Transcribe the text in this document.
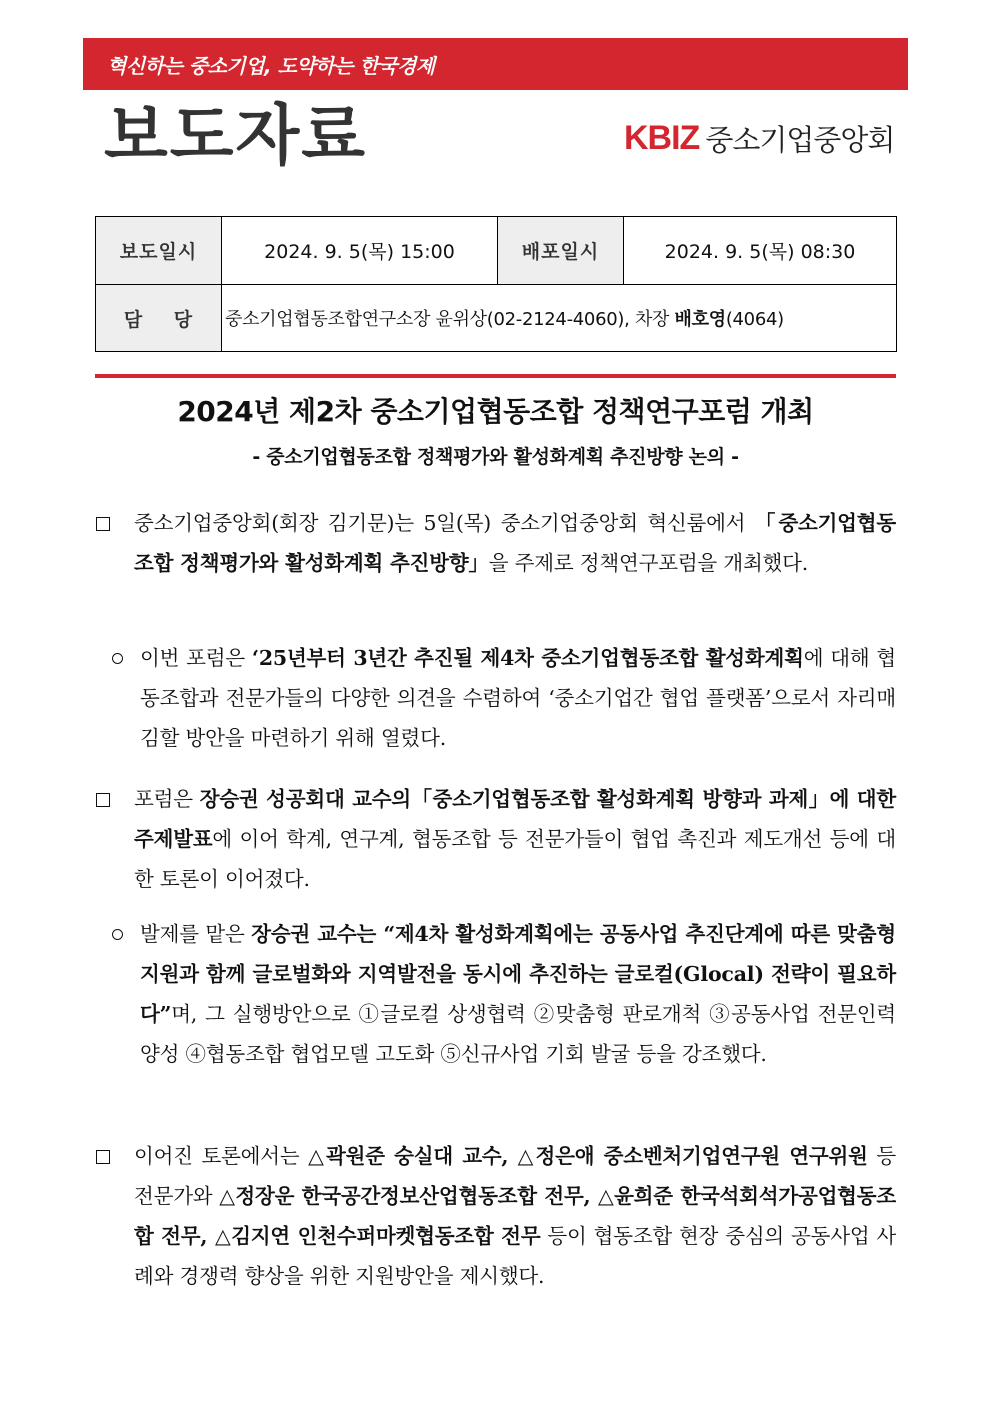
혁신하는 중소기업, 도약하는 한국경제
보도자료	KBIZ 중소기업중앙회
보도일시	2024. 9. 5(목) 15:00	배포일시	2024. 9. 5(목) 08:30
담    당	중소기업협동조합연구소장 윤위상(02-2124-4060), 차장 배호영(4064)		
2024년 제2차 중소기업협동조합 정책연구포럼 개최
- 중소기업협동조합 정책평가와 활성화계획 추진방향 논의 -
중소기업중앙회(회장 김기문)는 5일(목) 중소기업중앙회 혁신룸에서 「중소기업협동조합 정책평가와 활성화계획 추진방향」을 주제로 정책연구포럼을 개최했다.
이번 포럼은 ‘25년부터 3년간 추진될 제4차 중소기업협동조합 활성화계획에 대해 협동조합과 전문가들의 다양한 의견을 수렴하여 ‘중소기업간 협업 플랫폼’으로서 자리매김할 방안을 마련하기 위해 열렸다.
포럼은 장승권 성공회대 교수의「중소기업협동조합 활성화계획 방향과 과제」에 대한 주제발표에 이어 학계, 연구계, 협동조합 등 전문가들이 협업 촉진과 제도개선 등에 대한 토론이 이어졌다.
발제를 맡은 장승권 교수는 “제4차 활성화계획에는 공동사업 추진단계에 따른 맞춤형 지원과 함께 글로벌화와 지역발전을 동시에 추진하는 글로컬(Glocal) 전략이 필요하다”며, 그 실행방안으로 ①글로컬 상생협력 ②맞춤형 판로개척 ③공동사업 전문인력 양성 ④협동조합 협업모델 고도화 ⑤신규사업 기회 발굴 등을 강조했다.
이어진 토론에서는 △곽원준 숭실대 교수, △정은애 중소벤처기업연구원 연구위원 등 전문가와 △정장운 한국공간정보산업협동조합 전무, △윤희준 한국석회석가공업협동조합 전무, △김지연 인천수퍼마켓협동조합 전무 등이 협동조합 현장 중심의 공동사업 사례와 경쟁력 향상을 위한 지원방안을 제시했다.
